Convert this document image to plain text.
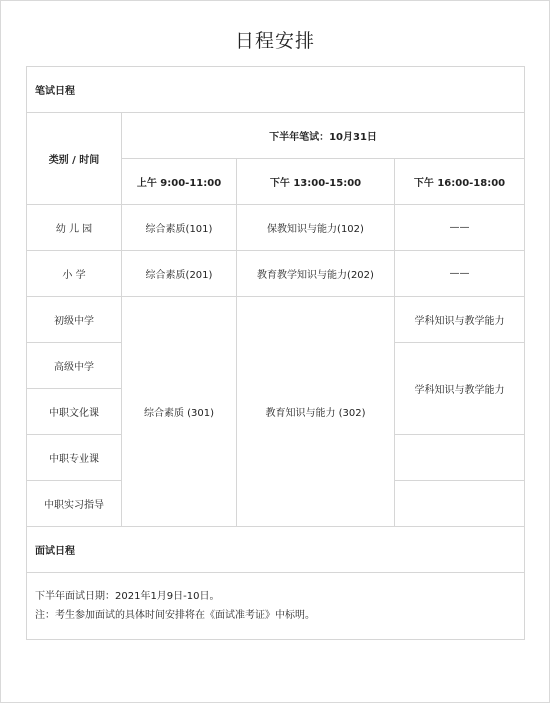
日程安排
笔试日程			
类别 / 时间	下半年笔试：10月31日		
	上午 9:00-11:00	下午 13:00-15:00	下午 16:00-18:00
幼 儿 园	综合素质(101)	保教知识与能力(102)	——
小 学	综合素质(201)	教育教学知识与能力(202)	——
初级中学	综合素质 (301)	教育知识与能力 (302)	学科知识与教学能力
高级中学			学科知识与教学能力
中职文化课			
中职专业课			
中职实习指导			
面试日程			

下半年面试日期：2021年1月9日-10日。
注：考生参加面试的具体时间安排将在《面试准考证》中标明。			
